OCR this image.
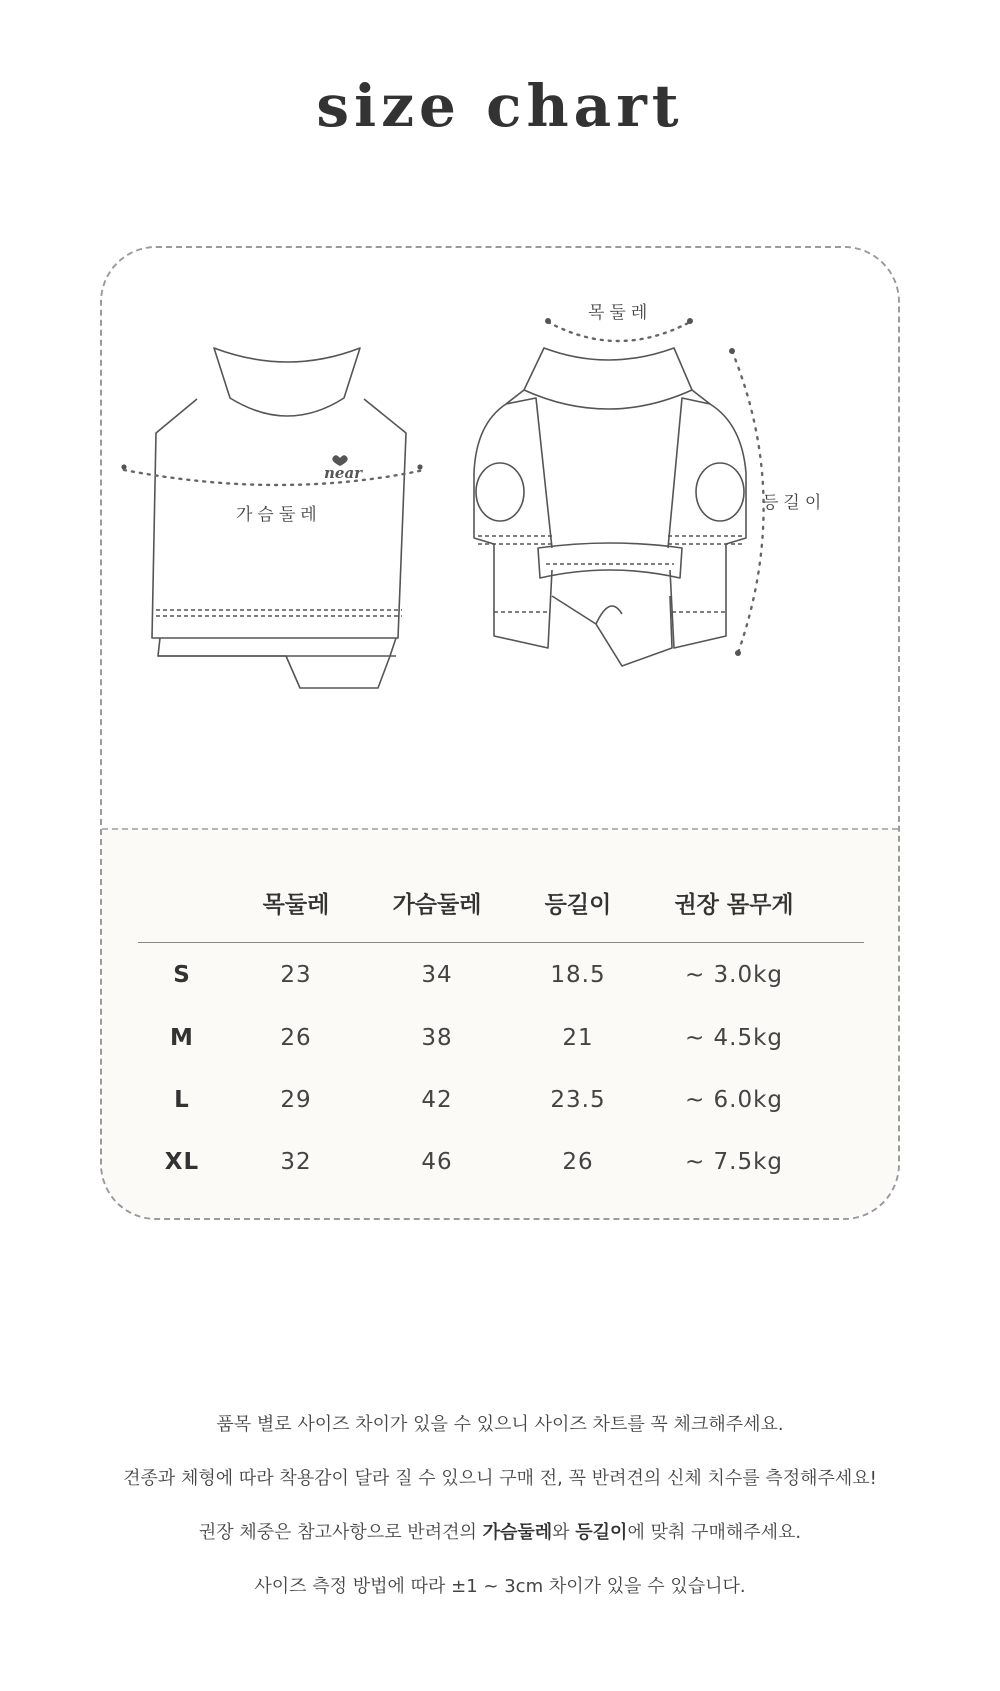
size chart
near
가슴둘레
목둘레
등길이
목둘레	가슴둘레	등길이	권장 몸무게
S	23	34	18.5	~ 3.0kg
M	26	38	21	~ 4.5kg
L	29	42	23.5	~ 6.0kg
XL	32	46	26	~ 7.5kg
품목 별로 사이즈 차이가 있을 수 있으니 사이즈 차트를 꼭 체크해주세요.
견종과 체형에 따라 착용감이 달라 질 수 있으니 구매 전, 꼭 반려견의 신체 치수를 측정해주세요!
권장 체중은 참고사항으로 반려견의 가슴둘레와 등길이에 맞춰 구매해주세요.
사이즈 측정 방법에 따라 ±1 ~ 3cm 차이가 있을 수 있습니다.
